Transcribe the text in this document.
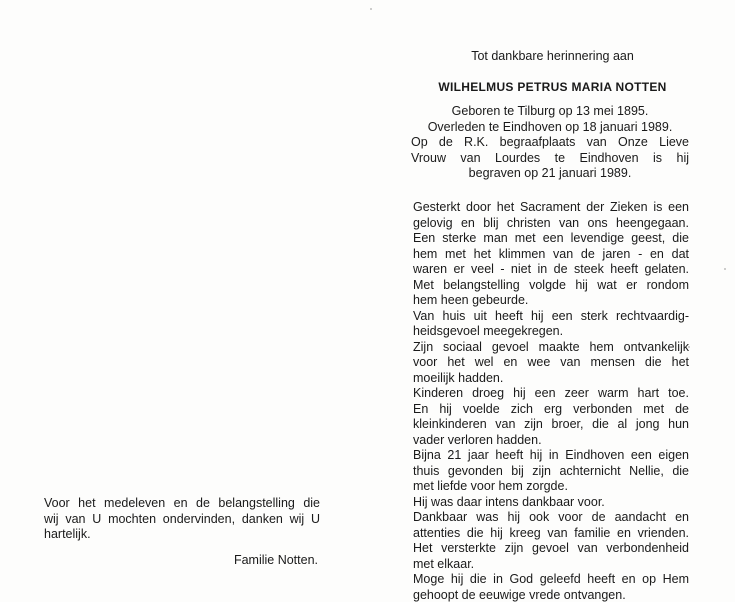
Tot dankbare herinnering aan

WILHELMUS PETRUS MARIA NOTTEN

Geboren te Tilburg op 13 mei 1895.
Overleden te Eindhoven op 18 januari 1989.
Op de R.K. begraafplaats van Onze Lieve
Vrouw van Lourdes te Eindhoven is hij
begraven op 21 januari 1989.
Gesterkt door het Sacrament der Zieken is een
gelovig en blij christen van ons heengegaan.
Een sterke man met een levendige geest, die
hem met het klimmen van de jaren - en dat
waren er veel - niet in de steek heeft gelaten.
Met belangstelling volgde hij wat er rondom
hem heen gebeurde.
Van huis uit heeft hij een sterk rechtvaardig-
heidsgevoel meegekregen.
Zijn sociaal gevoel maakte hem ontvankelijk
voor het wel en wee van mensen die het
moeilijk hadden.
Kinderen droeg hij een zeer warm hart toe.
En hij voelde zich erg verbonden met de
kleinkinderen van zijn broer, die al jong hun
vader verloren hadden.
Bijna 21 jaar heeft hij in Eindhoven een eigen
thuis gevonden bij zijn achternicht Nellie, die
met liefde voor hem zorgde.
Hij was daar intens dankbaar voor.
Dankbaar was hij ook voor de aandacht en
attenties die hij kreeg van familie en vrienden.
Het versterkte zijn gevoel van verbondenheid
met elkaar.
Moge hij die in God geleefd heeft en op Hem
gehoopt de eeuwige vrede ontvangen.
Voor het medeleven en de belangstelling die
wij van U mochten ondervinden, danken wij U
hartelijk.
Familie Notten.
